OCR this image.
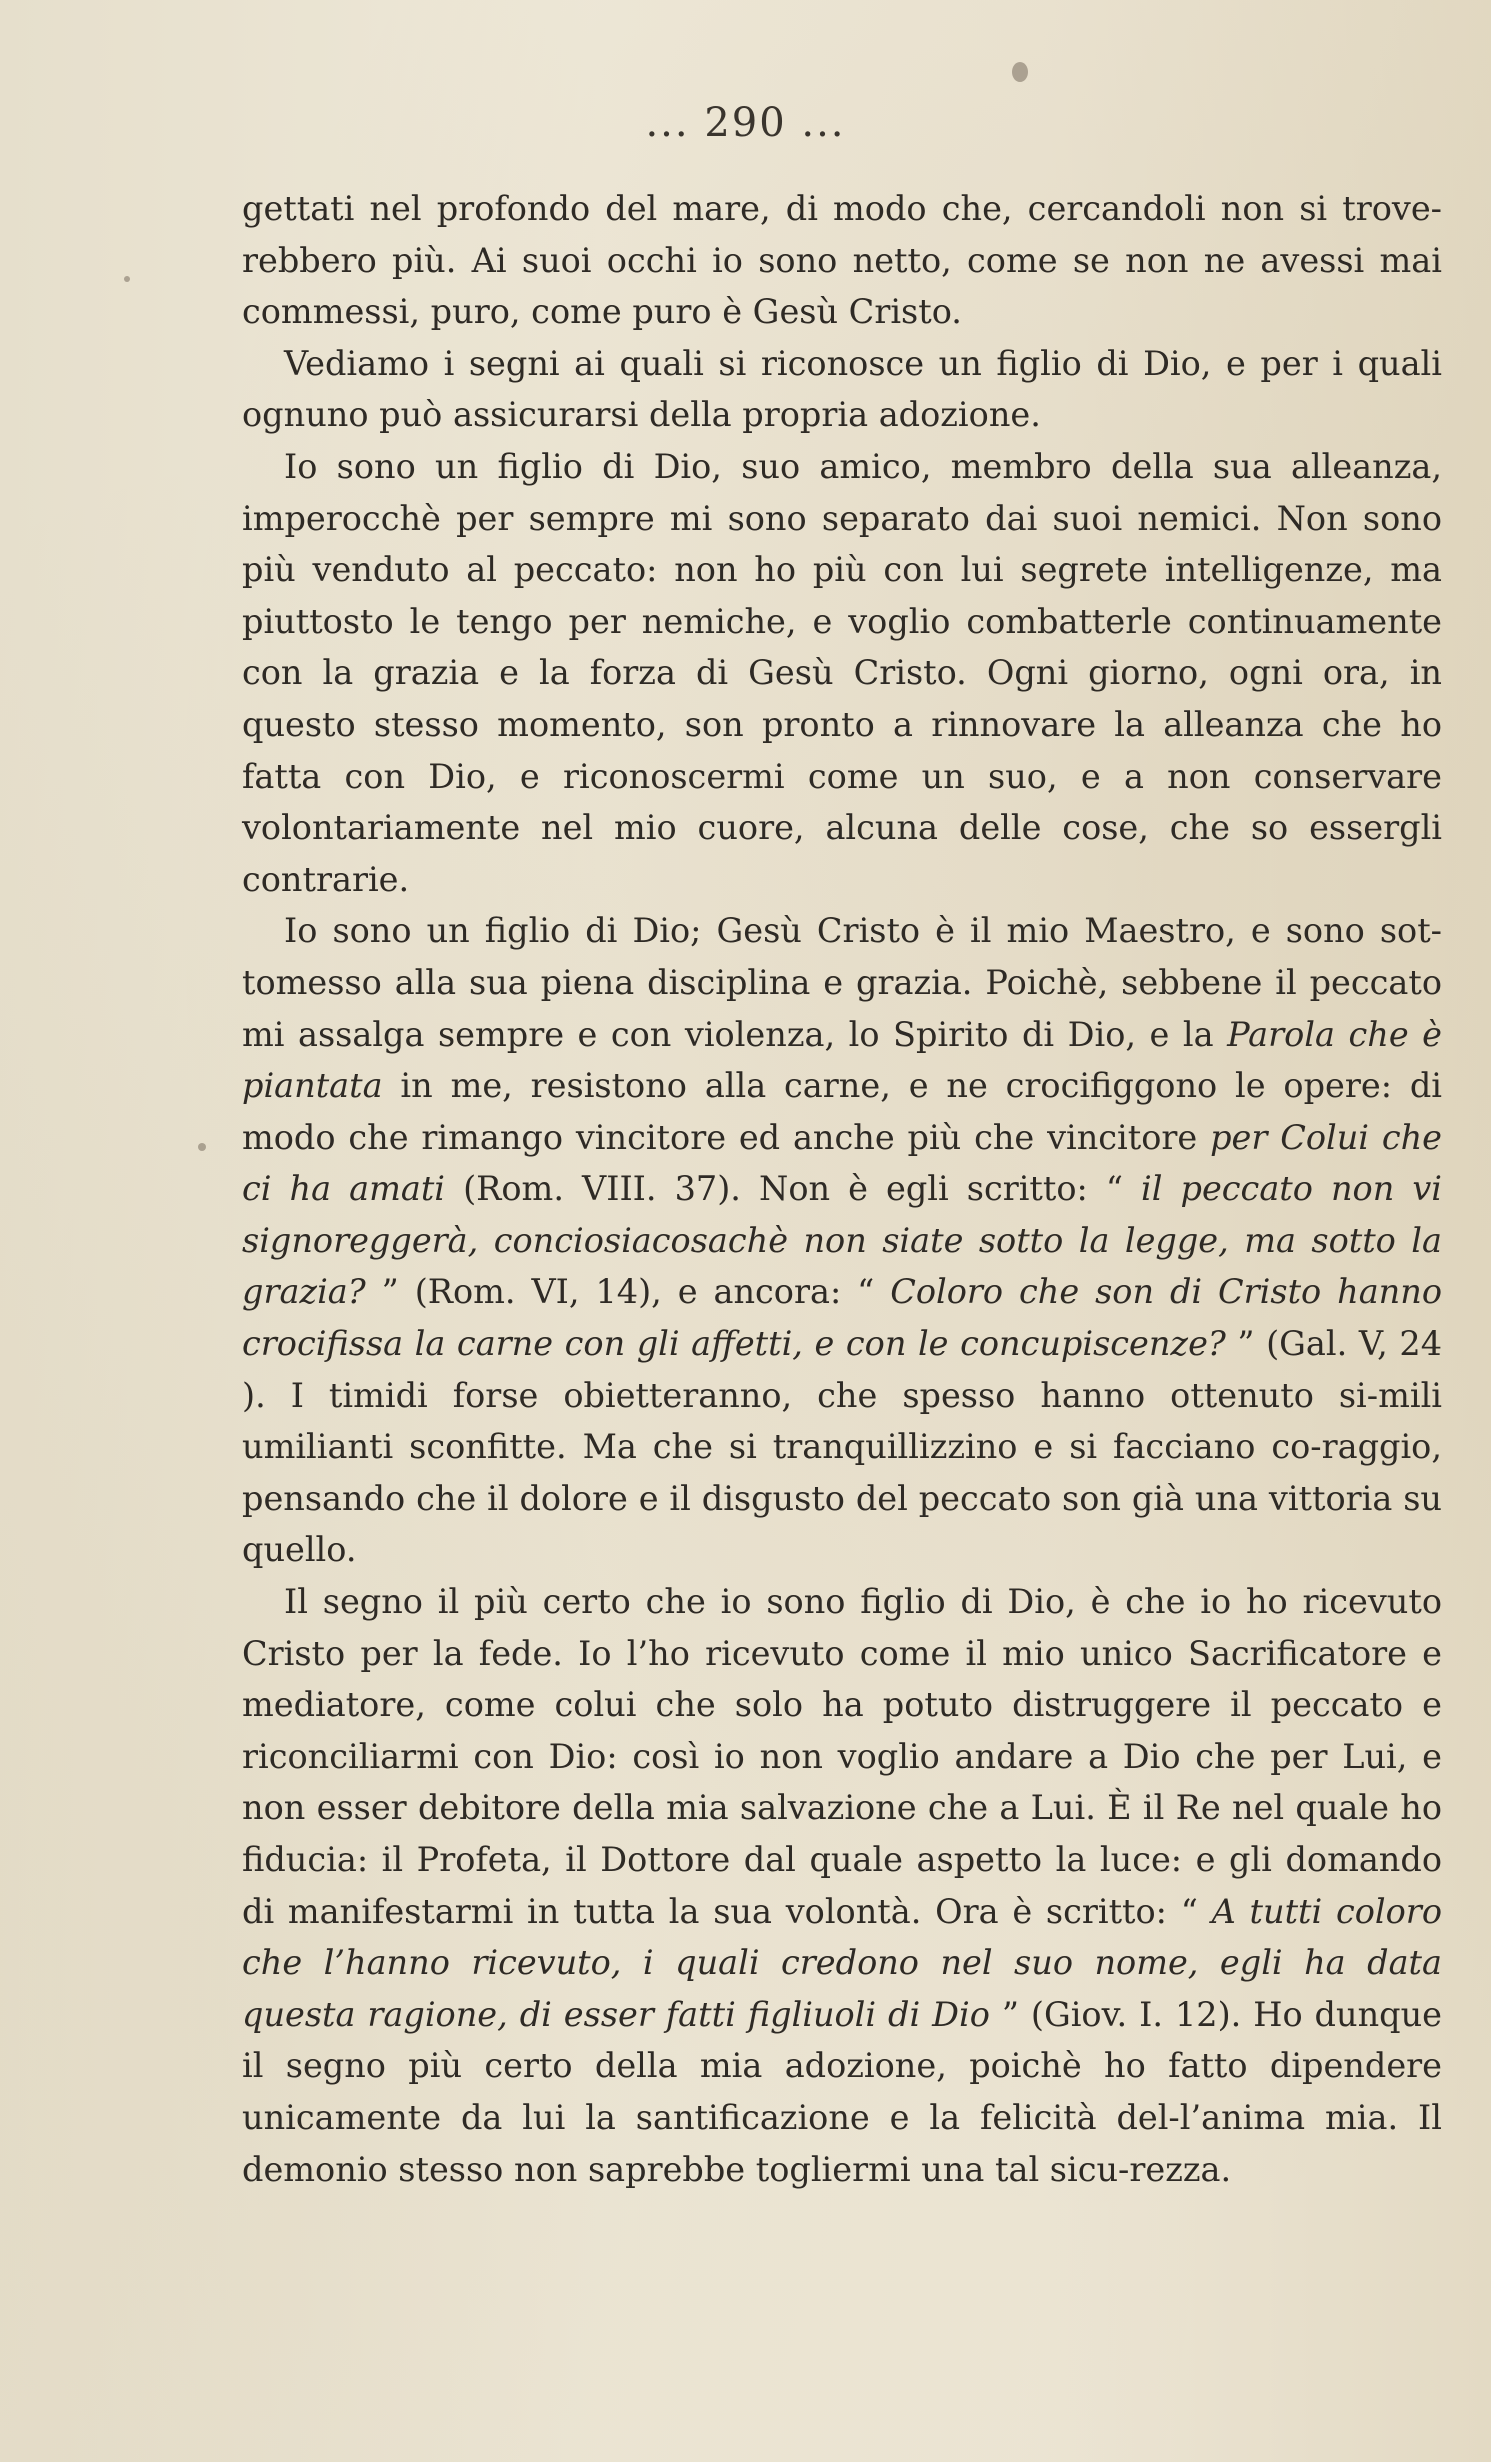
... 290 ...

gettati nel profondo del mare, di modo che, cercandoli non si trove-rebbero più. Ai suoi occhi io sono netto, come se non ne avessi mai commessi, puro, come puro è Gesù Cristo.

Vediamo i segni ai quali si riconosce un figlio di Dio, e per i quali ognuno può assicurarsi della propria adozione.

Io sono un figlio di Dio, suo amico, membro della sua alleanza, imperocchè per sempre mi sono separato dai suoi nemici. Non sono più venduto al peccato: non ho più con lui segrete intelligenze, ma piuttosto le tengo per nemiche, e voglio combatterle continuamente con la grazia e la forza di Gesù Cristo. Ogni giorno, ogni ora, in questo stesso momento, son pronto a rinnovare la alleanza che ho fatta con Dio, e riconoscermi come un suo, e a non conservare volontariamente nel mio cuore, alcuna delle cose, che so essergli contrarie.

Io sono un figlio di Dio; Gesù Cristo è il mio Maestro, e sono sot-tomesso alla sua piena disciplina e grazia. Poichè, sebbene il peccato mi assalga sempre e con violenza, lo Spirito di Dio, e la Parola che è piantata in me, resistono alla carne, e ne crocifiggono le opere: di modo che rimango vincitore ed anche più che vincitore per Colui che ci ha amati (Rom. VIII. 37). Non è egli scritto: “ il peccato non vi signoreggerà, conciosiacosachè non siate sotto la legge, ma sotto la grazia? ” (Rom. VI, 14), e ancora: “ Coloro che son di Cristo hanno crocifissa la carne con gli affetti, e con le concupiscenze? ” (Gal. V, 24 ). I timidi forse obietteranno, che spesso hanno ottenuto si-mili umilianti sconfitte. Ma che si tranquillizzino e si facciano co-raggio, pensando che il dolore e il disgusto del peccato son già una vittoria su quello.

Il segno il più certo che io sono figlio di Dio, è che io ho ricevuto Cristo per la fede. Io l’ho ricevuto come il mio unico Sacrificatore e mediatore, come colui che solo ha potuto distruggere il peccato e riconciliarmi con Dio: così io non voglio andare a Dio che per Lui, e non esser debitore della mia salvazione che a Lui. È il Re nel quale ho fiducia: il Profeta, il Dottore dal quale aspetto la luce: e gli domando di manifestarmi in tutta la sua volontà. Ora è scritto: “ A tutti coloro che l’hanno ricevuto, i quali credono nel suo nome, egli ha data questa ragione, di esser fatti figliuoli di Dio ” (Giov. I. 12). Ho dunque il segno più certo della mia adozione, poichè ho fatto dipendere unicamente da lui la santificazione e la felicità del-l’anima mia. Il demonio stesso non saprebbe togliermi una tal sicu-rezza.
